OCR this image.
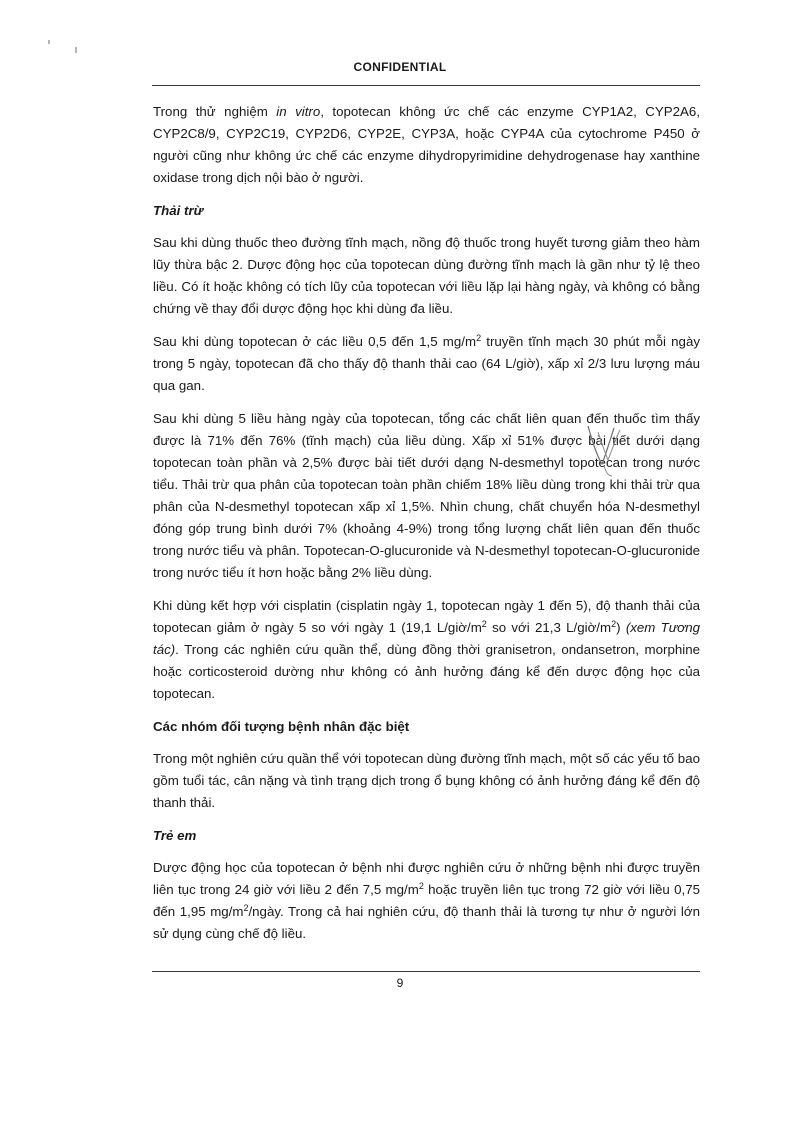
CONFIDENTIAL

Trong thử nghiệm in vitro, topotecan không ức chế các enzyme CYP1A2, CYP2A6, CYP2C8/9, CYP2C19, CYP2D6, CYP2E, CYP3A, hoặc CYP4A của cytochrome P450 ở người cũng như không ức chế các enzyme dihydropyrimidine dehydrogenase hay xanthine oxidase trong dịch nội bào ở người.

Thải trừ

Sau khi dùng thuốc theo đường tĩnh mạch, nồng độ thuốc trong huyết tương giảm theo hàm lũy thừa bậc 2. Dược động học của topotecan dùng đường tĩnh mạch là gần như tỷ lệ theo liều. Có ít hoặc không có tích lũy của topotecan với liều lặp lại hàng ngày, và không có bằng chứng về thay đổi dược động học khi dùng đa liều.

Sau khi dùng topotecan ở các liều 0,5 đến 1,5 $mg/m^2$ truyền tĩnh mạch 30 phút mỗi ngày trong 5 ngày, topotecan đã cho thấy độ thanh thải cao (64 L/giờ), xấp xỉ 2/3 lưu lượng máu qua gan.

Sau khi dùng 5 liều hàng ngày của topotecan, tổng các chất liên quan đến thuốc tìm thấy được là 71% đến 76% (tĩnh mạch) của liều dùng. Xấp xỉ 51% được bài tiết dưới dạng topotecan toàn phần và 2,5% được bài tiết dưới dạng N-desmethyl topotecan trong nước tiểu. Thải trừ qua phân của topotecan toàn phần chiếm 18% liều dùng trong khi thải trừ qua phân của N-desmethyl topotecan xấp xỉ 1,5%. Nhìn chung, chất chuyển hóa N-desmethyl đóng góp trung bình dưới 7% (khoảng 4-9%) trong tổng lượng chất liên quan đến thuốc trong nước tiểu và phân. Topotecan-O-glucuronide và N-desmethyl topotecan-O-glucuronide trong nước tiểu ít hơn hoặc bằng 2% liều dùng.

Khi dùng kết hợp với cisplatin (cisplatin ngày 1, topotecan ngày 1 đến 5), độ thanh thải của topotecan giảm ở ngày 5 so với ngày 1 (19,1 $L/giờ/m^2$ so với 21,3 $L/giờ/m^2$) (xem Tương tác). Trong các nghiên cứu quần thể, dùng đồng thời granisetron, ondansetron, morphine hoặc corticosteroid dường như không có ảnh hưởng đáng kể đến dược động học của topotecan.

Các nhóm đối tượng bệnh nhân đặc biệt

Trong một nghiên cứu quần thể với topotecan dùng đường tĩnh mạch, một số các yếu tố bao gồm tuổi tác, cân nặng và tình trạng dịch trong ổ bụng không có ảnh hưởng đáng kể đến độ thanh thải.

Trẻ em

Dược động học của topotecan ở bệnh nhi được nghiên cứu ở những bệnh nhi được truyền liên tục trong 24 giờ với liều 2 đến 7,5 $mg/m^2$ hoặc truyền liên tục trong 72 giờ với liều 0,75 đến 1,95 $mg/m^2$/ngày. Trong cả hai nghiên cứu, độ thanh thải là tương tự như ở người lớn sử dụng cùng chế độ liều.

9
